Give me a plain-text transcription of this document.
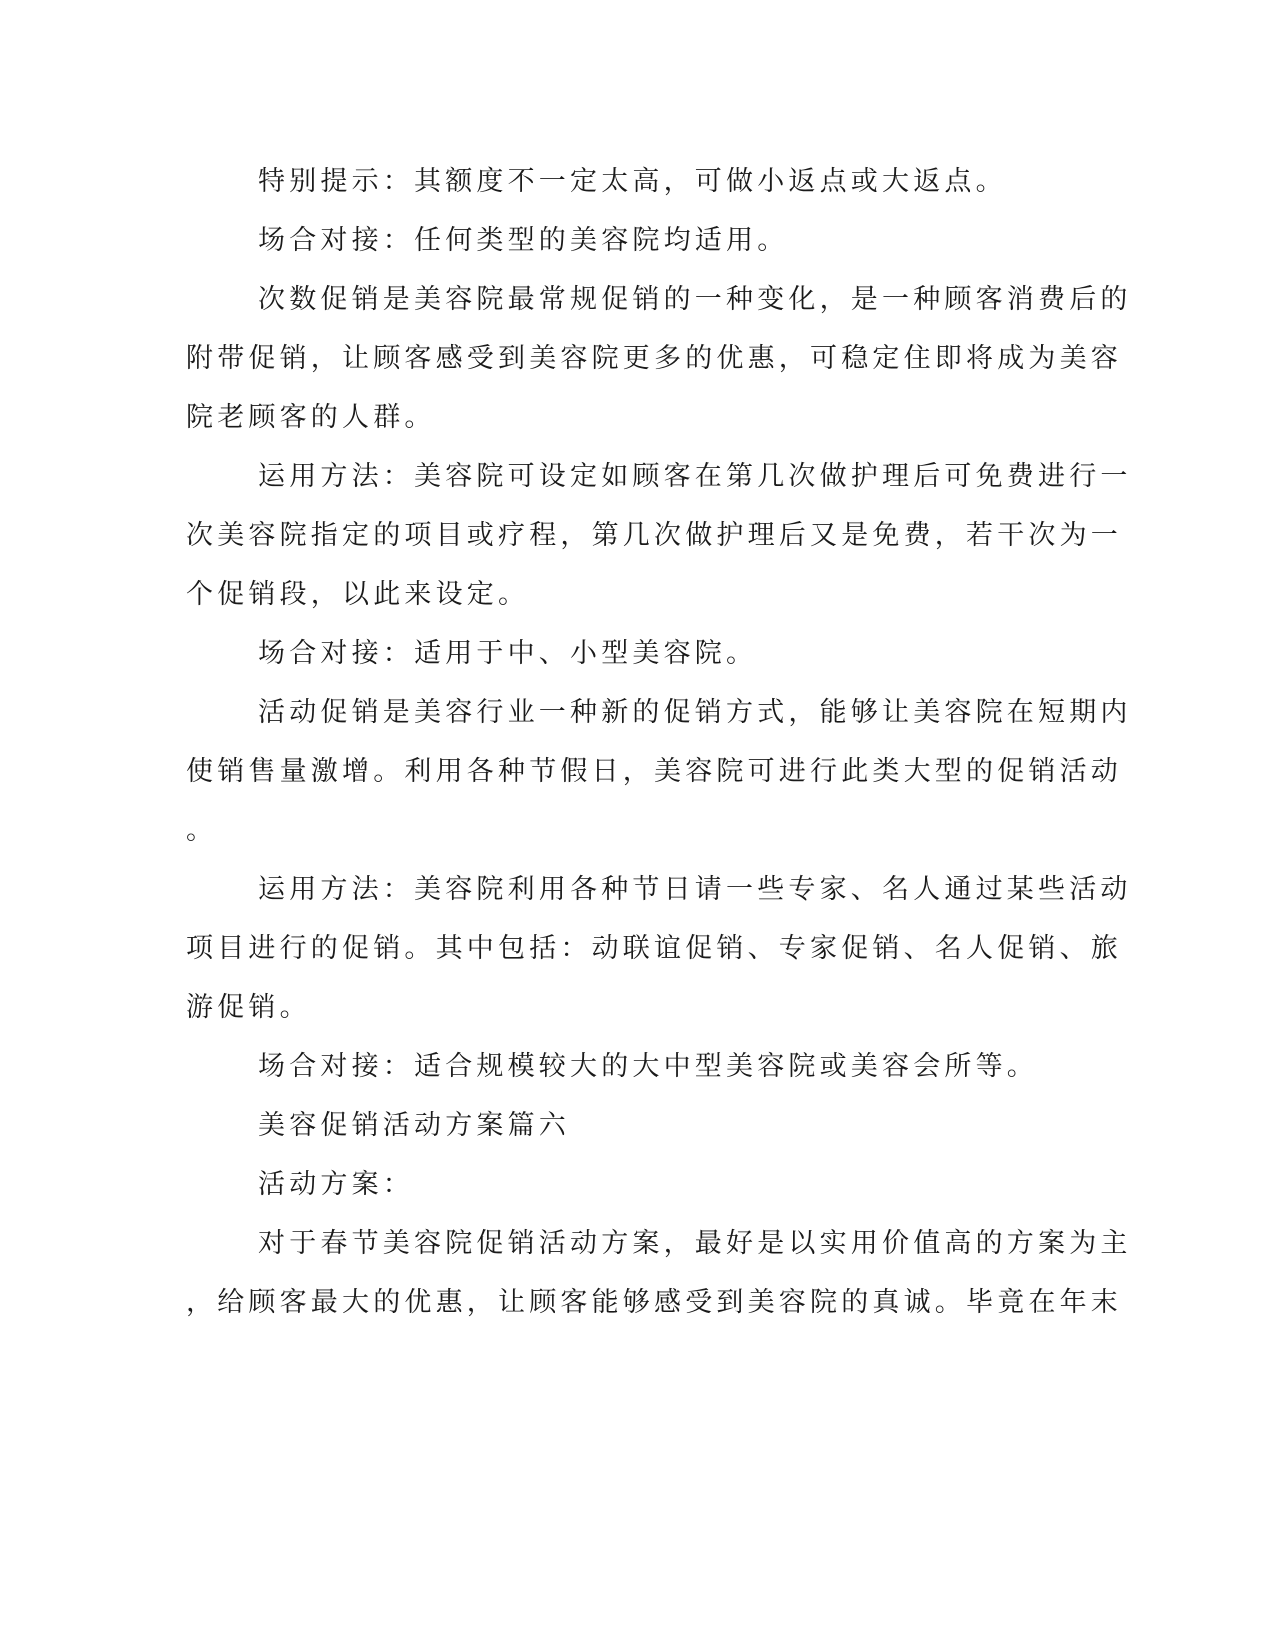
特别提示：其额度不一定太高，可做小返点或大返点。

场合对接：任何类型的美容院均适用。

次数促销是美容院最常规促销的一种变化，是一种顾客消费后的

附带促销，让顾客感受到美容院更多的优惠，可稳定住即将成为美容

院老顾客的人群。

运用方法：美容院可设定如顾客在第几次做护理后可免费进行一

次美容院指定的项目或疗程，第几次做护理后又是免费，若干次为一

个促销段，以此来设定。

场合对接：适用于中、小型美容院。

活动促销是美容行业一种新的促销方式，能够让美容院在短期内

使销售量激增。利用各种节假日，美容院可进行此类大型的促销活动

。

运用方法：美容院利用各种节日请一些专家、名人通过某些活动

项目进行的促销。其中包括：动联谊促销、专家促销、名人促销、旅

游促销。

场合对接：适合规模较大的大中型美容院或美容会所等。

美容促销活动方案篇六

活动方案：

对于春节美容院促销活动方案，最好是以实用价值高的方案为主

，给顾客最大的优惠，让顾客能够感受到美容院的真诚。毕竟在年末
